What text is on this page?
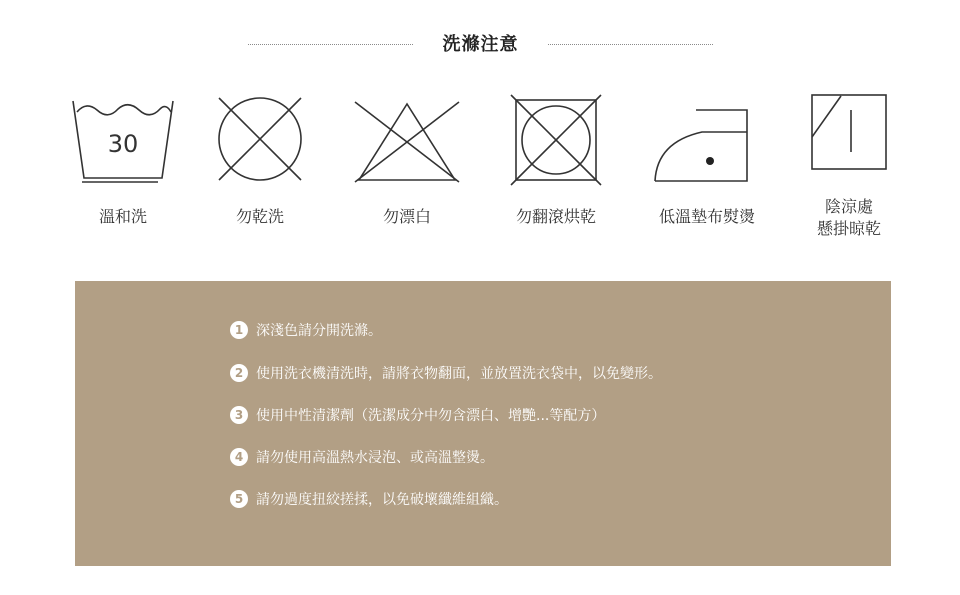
洗滌注意
30
溫和洗	勿乾洗	勿漂白	勿翻滾烘乾	低溫墊布熨燙
陰涼處
懸掛晾乾
1 深淺色請分開洗滌。
2 使用洗衣機清洗時，請將衣物翻面，並放置洗衣袋中，以免變形。
3 使用中性清潔劑（洗潔成分中勿含漂白、增艷...等配方）
4 請勿使用高溫熱水浸泡、或高溫整燙。
5 請勿過度扭絞搓揉，以免破壞纖維組織。
